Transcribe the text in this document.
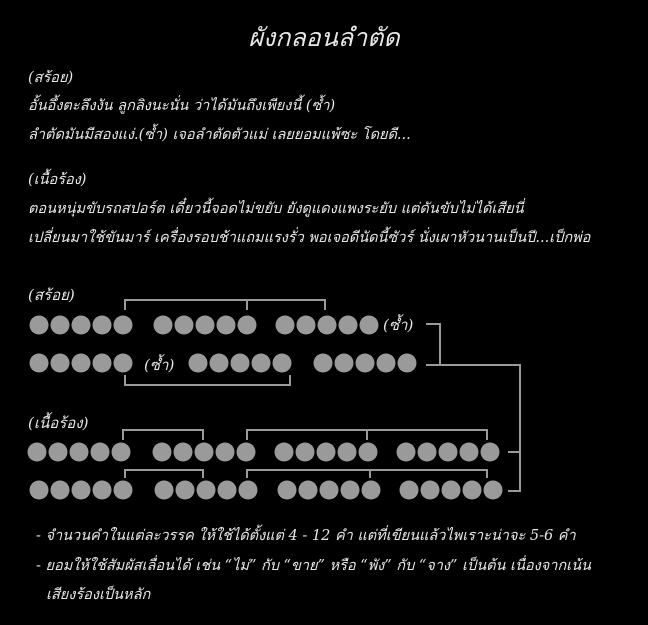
ผังกลอนลำตัด
(สร้อย)
อั้นอึ้งตะลึงงัน ลูกลิงนะนั่น ว่าได้มันถึงเพียงนี้ (ซ้ำ)
ลำตัดมันมีสองแง่.(ซ้ำ) เจอลำตัดตัวแม่ เลยยอมแพ้ซะ โดยดี...
(เนื้อร้อง)
ตอนหนุ่มขับรถสปอร์ต เดี๋ยวนี้จอดไม่ขยับ ยังดูแดงแพงระยับ แต่ดันขับไม่ได้เสียนี่
เปลี่ยนมาใช้ขันมาร์ เครื่องรอบช้าแถมแรงรั่ว พอเจอดีนัดนี้ซัวร์ นั่งเผาหัวนานเป็นปี...เป็กพ่อ
(สร้อย)
(ซ้ำ)
(ซ้ำ)
(เนื้อร้อง)
- จำนวนคำในแต่ละวรรค ให้ใช้ได้ตั้งแต่ 4 - 12 คำ แต่ที่เขียนแล้วไพเราะน่าจะ 5-6 คำ
- ยอมให้ใช้สัมผัสเลื่อนได้ เช่น “ไม่” กับ “ขาย” หรือ “พัง” กับ “จาง” เป็นต้น เนื่องจากเน้น
เสียงร้องเป็นหลัก
